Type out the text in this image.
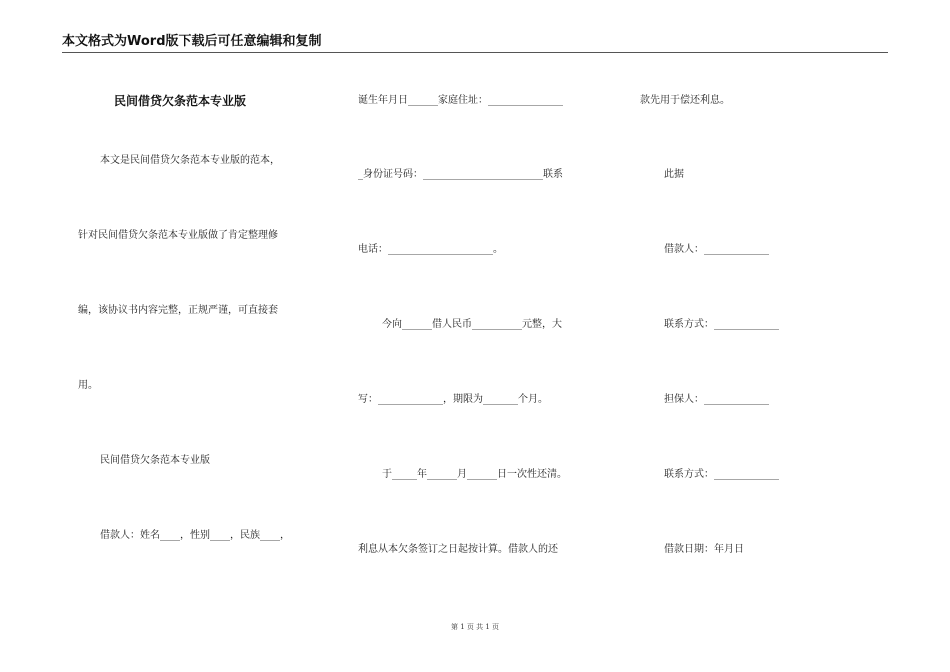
本文格式为Word版下载后可任意编辑和复制
民间借贷欠条范本专业版
本文是民间借贷欠条范本专业版的范本，
针对民间借贷欠条范本专业版做了肯定整理修
编，该协议书内容完整，正规严谨，可直接套
用。
民间借贷欠条范本专业版
借款人：姓名____，性别____，民族____，
诞生年月日______家庭住址：_______________
_身份证号码：________________________联系
电话：_____________________。
今向______借人民币__________元整，大
写：_____________，期限为_______个月。
于_____年______月______日一次性还清。
利息从本欠条签订之日起按计算。借款人的还
款先用于偿还利息。
此据
借款人：_____________
联系方式：_____________
担保人：_____________
联系方式：_____________
借款日期：年月日
第 1 页 共 1 页
